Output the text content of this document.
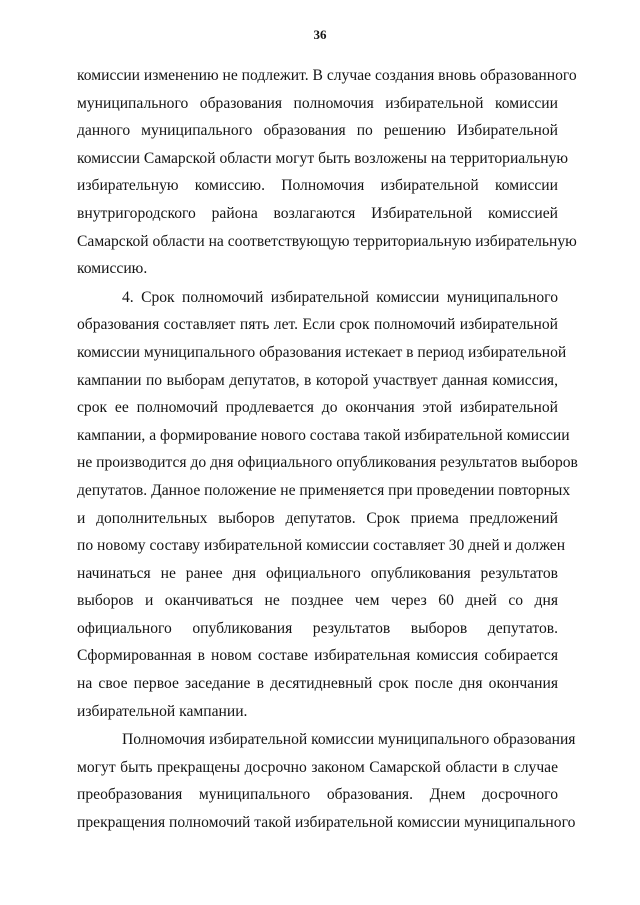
36
комиссии изменению не подлежит. В случае создания вновь образованного
муниципального образования полномочия избирательной комиссии
данного муниципального образования по решению Избирательной
комиссии Самарской области могут быть возложены на территориальную
избирательную комиссию. Полномочия избирательной комиссии
внутригородского района возлагаются Избирательной комиссией
Самарской области на соответствующую территориальную избирательную
комиссию.
4. Срок полномочий избирательной комиссии муниципального
образования составляет пять лет. Если срок полномочий избирательной
комиссии муниципального образования истекает в период избирательной
кампании по выборам депутатов, в которой участвует данная комиссия,
срок ее полномочий продлевается до окончания этой избирательной
кампании, а формирование нового состава такой избирательной комиссии
не производится до дня официального опубликования результатов выборов
депутатов. Данное положение не применяется при проведении повторных
и дополнительных выборов депутатов. Срок приема предложений
по новому составу избирательной комиссии составляет 30 дней и должен
начинаться не ранее дня официального опубликования результатов
выборов и оканчиваться не позднее чем через 60 дней со дня
официального опубликования результатов выборов депутатов.
Сформированная в новом составе избирательная комиссия собирается
на свое первое заседание в десятидневный срок после дня окончания
избирательной кампании.
Полномочия избирательной комиссии муниципального образования
могут быть прекращены досрочно законом Самарской области в случае
преобразования муниципального образования. Днем досрочного
прекращения полномочий такой избирательной комиссии муниципального
